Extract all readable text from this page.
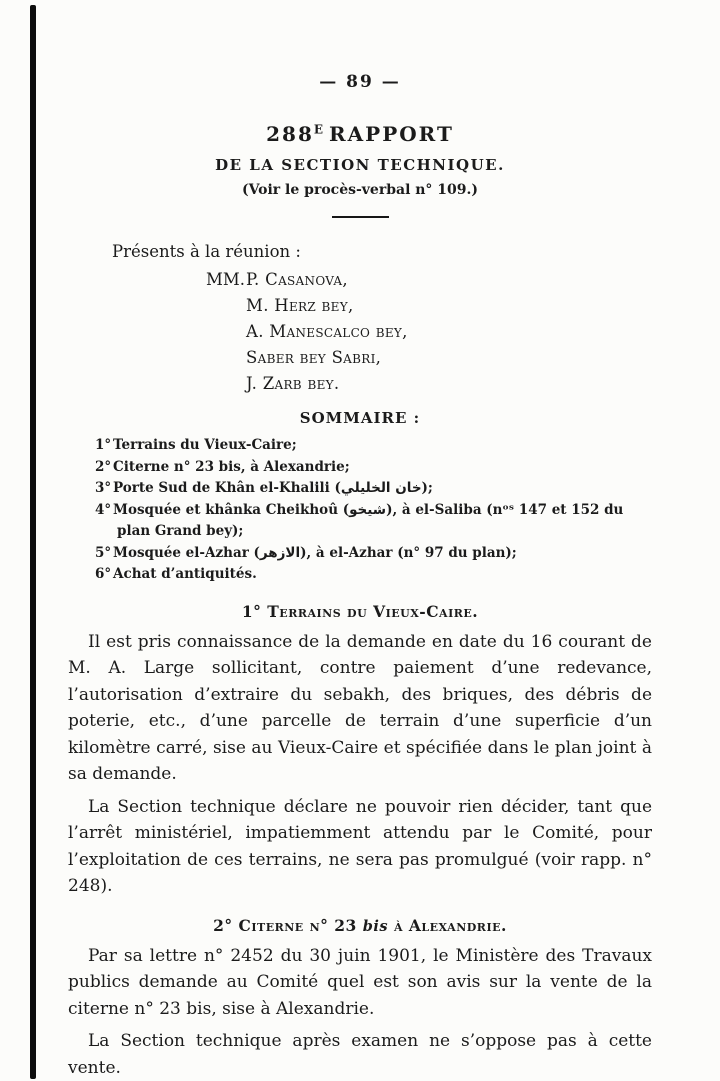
— 89 —
$288^E$ RAPPORT
DE LA SECTION TECHNIQUE.
(Voir le procès-verbal n° 109.)
Présents à la réunion :
MM.P. Casanova,
M. Herz bey,
A. Manescalco bey,
Saber bey Sabri,
J. Zarb bey.
SOMMAIRE :
1° Terrains du Vieux-Caire;
2° Citerne n° 23 bis, à Alexandrie;
3° Porte Sud de Khân el-Khalili (خان الخليلي);
4° Mosquée et khânka Cheikhoû (شيخو), à el-Saliba (nᵒˢ 147 et 152 du plan Grand bey);
5° Mosquée el-Azhar (الازهر), à el-Azhar (n° 97 du plan);
6° Achat d’antiquités.
1° Terrains du Vieux-Caire.
Il est pris connaissance de la demande en date du 16 courant de M. A. Large sollicitant, contre paiement d’une redevance, l’autorisation d’extraire du sebakh, des briques, des débris de poterie, etc., d’une parcelle de terrain d’une superficie d’un kilomètre carré, sise au Vieux-Caire et spécifiée dans le plan joint à sa demande.
La Section technique déclare ne pouvoir rien décider, tant que l’arrêt ministériel, impatiemment attendu par le Comité, pour l’exploitation de ces terrains, ne sera pas promulgué (voir rapp. n° 248).
2° Citerne n° 23 bis à Alexandrie.
Par sa lettre n° 2452 du 30 juin 1901, le Ministère des Travaux publics demande au Comité quel est son avis sur la vente de la citerne n° 23 bis, sise à Alexandrie.
La Section technique après examen ne s’oppose pas à cette vente.
